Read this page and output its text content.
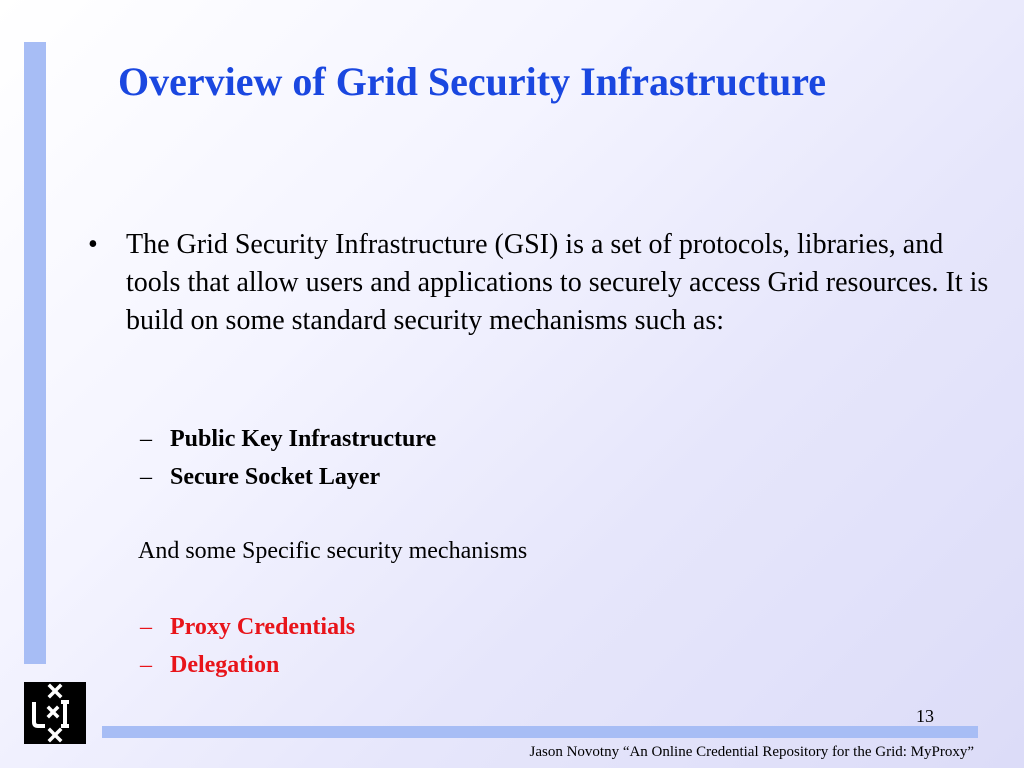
Overview of Grid Security Infrastructure
• The Grid Security Infrastructure (GSI) is a set of protocols, libraries, and tools that allow users and applications to securely access Grid resources. It is build on some standard security mechanisms such as:
– Public Key Infrastructure
– Secure Socket Layer
And some Specific security mechanisms
– Proxy Credentials
– Delegation
13
Jason Novotny “An Online Credential Repository for the Grid: MyProxy”
